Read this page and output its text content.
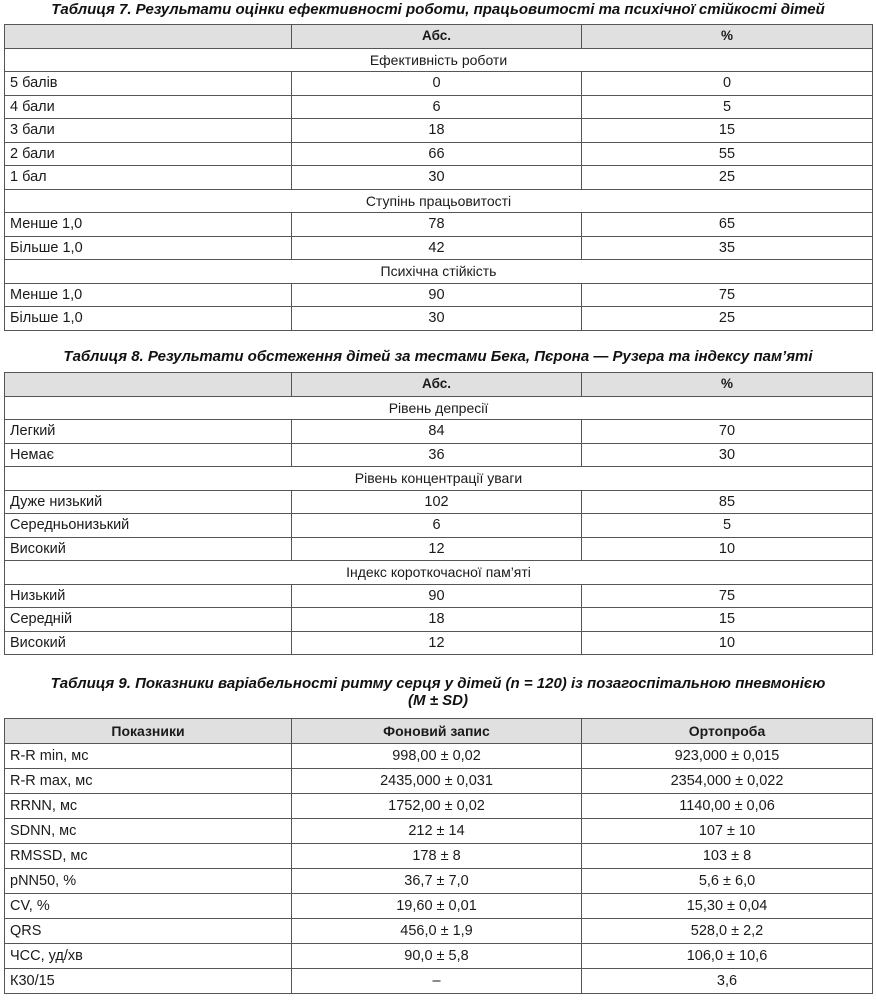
Таблиця 7. Результати оцінки ефективності роботи, працьовитості та психічної стійкості дітей
	Абс.	%
Ефективність роботи		
5 балів	0	0
4 бали	6	5
3 бали	18	15
2 бали	66	55
1 бал	30	25
Ступінь працьовитості		
Менше 1,0	78	65
Більше 1,0	42	35
Психічна стійкість		
Менше 1,0	90	75
Більше 1,0	30	25
Таблиця 8. Результати обстеження дітей за тестами Бека, Пєрона — Рузера та індексу пам’яті
	Абс.	%
Рівень депресії		
Легкий	84	70
Немає	36	30
Рівень концентрації уваги		
Дуже низький	102	85
Середньонизький	6	5
Високий	12	10
Індекс короткочасної пам’яті		
Низький	90	75
Середній	18	15
Високий	12	10
Таблиця 9. Показники варіабельності ритму серця у дітей (n = 120) із позагоспітальною пневмонією
(M ± SD)
Показники	Фоновий запис	Ортопроба
R-R min, мс	998,00 ± 0,02	923,000 ± 0,015
R-R max, мс	2435,000 ± 0,031	2354,000 ± 0,022
RRNN, мс	1752,00 ± 0,02	1140,00 ± 0,06
SDNN, мс	212 ± 14	107 ± 10
RMSSD, мс	178 ± 8	103 ± 8
pNN50, %	36,7 ± 7,0	5,6 ± 6,0
CV, %	19,60 ± 0,01	15,30 ± 0,04
QRS	456,0 ± 1,9	528,0 ± 2,2
ЧСС, уд/хв	90,0 ± 5,8	106,0 ± 10,6
К30/15	–	3,6
